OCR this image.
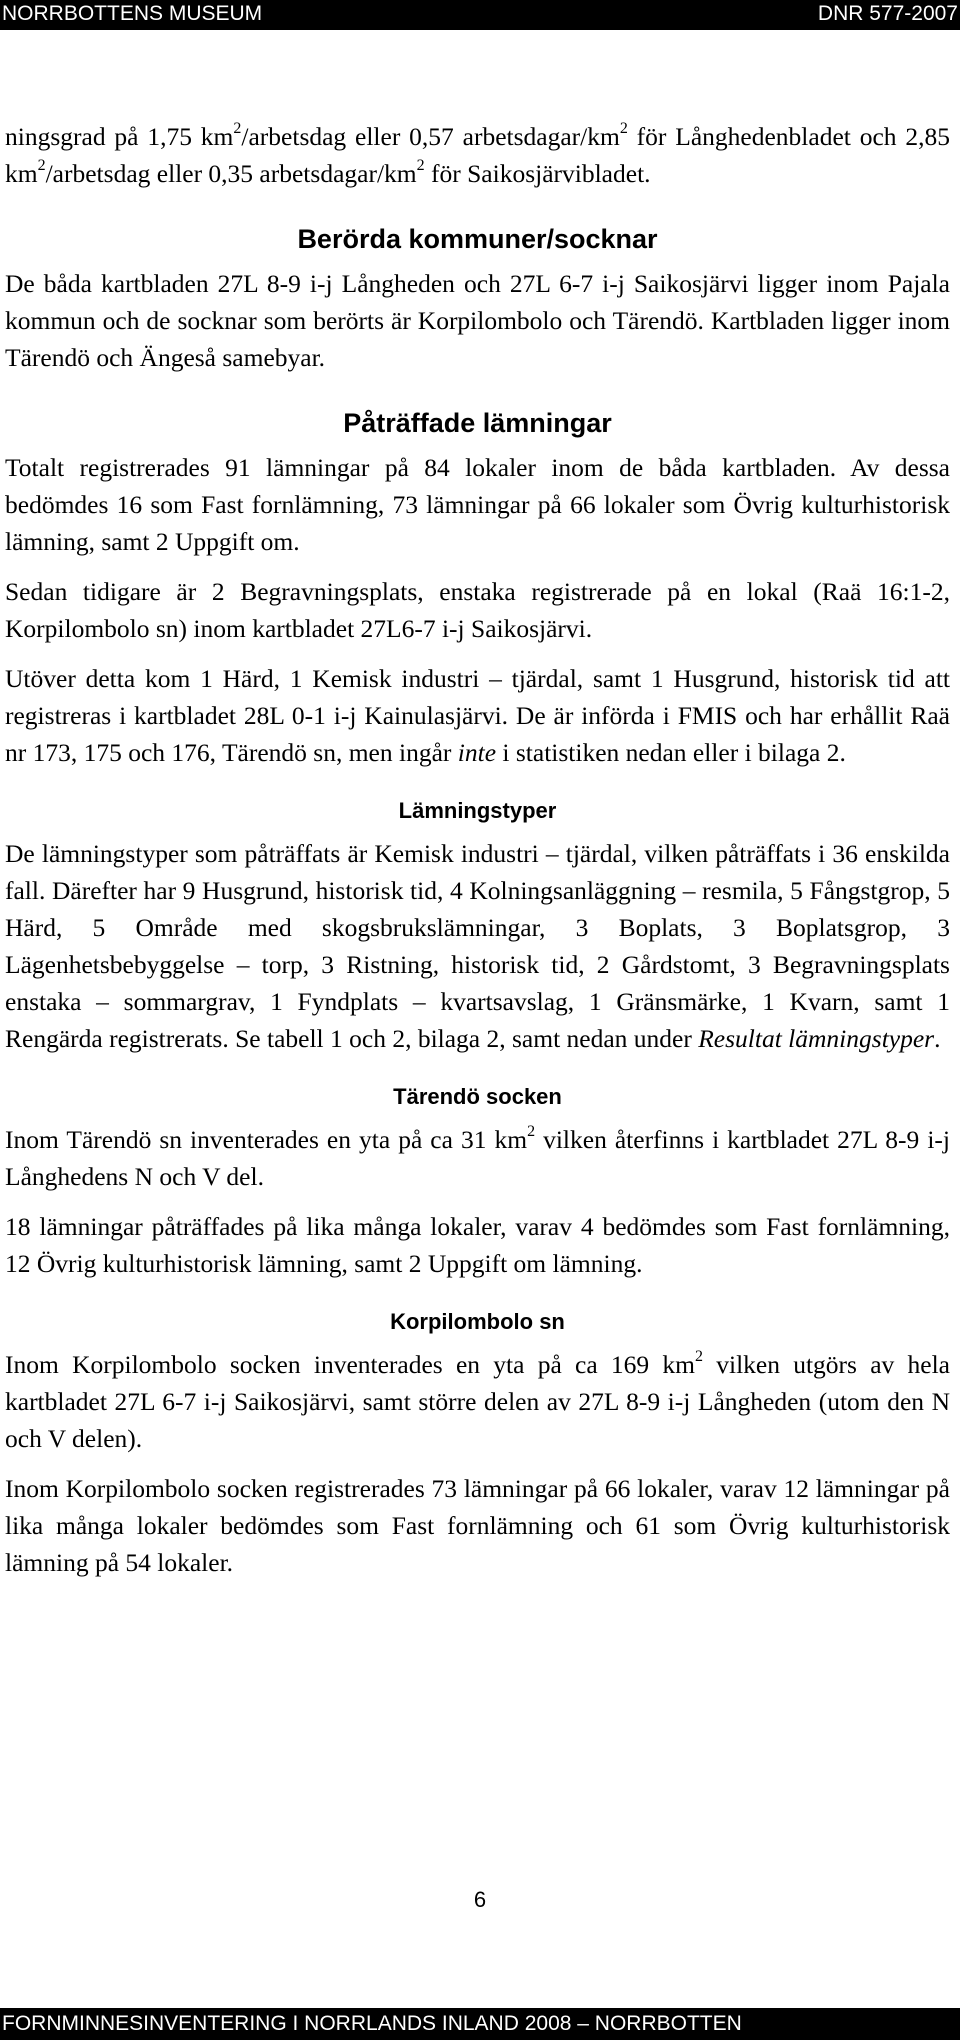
NORRBOTTENS MUSEUM	DNR 577-2007

ningsgrad på 1,75 $km^2$/arbetsdag eller 0,57 arbetsdagar/$km^2$ för Långhedenbladet och 2,85 $km^2$/arbetsdag eller 0,35 arbetsdagar/$km^2$ för Saikosjärvibladet.

Berörda kommuner/socknar

De båda kartbladen 27L 8-9 i-j Långheden och 27L 6-7 i-j Saikosjärvi ligger inom Pajala kommun och de socknar som berörts är Korpilombolo och Tärendö. Kartbladen ligger inom Tärendö och Ängeså samebyar.

Påträffade lämningar

Totalt registrerades 91 lämningar på 84 lokaler inom de båda kartbladen. Av dessa bedömdes 16 som Fast fornlämning, 73 lämningar på 66 lokaler som Övrig kulturhistorisk lämning, samt 2 Uppgift om.

Sedan tidigare är 2 Begravningsplats, enstaka registrerade på en lokal (Raä 16:1-2, Korpilombolo sn) inom kartbladet 27L6-7 i-j Saikosjärvi.

Utöver detta kom 1 Härd, 1 Kemisk industri – tjärdal, samt 1 Husgrund, historisk tid att registreras i kartbladet 28L 0-1 i-j Kainulasjärvi. De är införda i FMIS och har erhållit Raä nr 173, 175 och 176, Tärendö sn, men ingår inte i statistiken nedan eller i bilaga 2.

Lämningstyper

De lämningstyper som påträffats är Kemisk industri – tjärdal, vilken påträffats i 36 enskilda fall. Därefter har 9 Husgrund, historisk tid, 4 Kolningsanläggning – resmila, 5 Fångstgrop, 5 Härd, 5 Område med skogsbrukslämningar, 3 Boplats, 3 Boplatsgrop, 3 Lägenhetsbebyggelse – torp, 3 Ristning, historisk tid, 2 Gårdstomt, 3 Begravningsplats enstaka – sommargrav, 1 Fyndplats – kvartsavslag, 1 Gränsmärke, 1 Kvarn, samt 1 Rengärda registrerats. Se tabell 1 och 2, bilaga 2, samt nedan under Resultat lämningstyper.

Tärendö socken

Inom Tärendö sn inventerades en yta på ca 31 $km^2$ vilken återfinns i kartbladet 27L 8-9 i-j Långhedens N och V del.

18 lämningar påträffades på lika många lokaler, varav 4 bedömdes som Fast fornlämning, 12 Övrig kulturhistorisk lämning, samt 2 Uppgift om lämning.

Korpilombolo sn

Inom Korpilombolo socken inventerades en yta på ca 169 $km^2$ vilken utgörs av hela kartbladet 27L 6-7 i-j Saikosjärvi, samt större delen av 27L 8-9 i-j Långheden (utom den N och V delen).

Inom Korpilombolo socken registrerades 73 lämningar på 66 lokaler, varav 12 lämningar på lika många lokaler bedömdes som Fast fornlämning och 61 som Övrig kulturhistorisk lämning på 54 lokaler.

6
FORNMINNESINVENTERING I NORRLANDS INLAND 2008 – NORRBOTTEN
